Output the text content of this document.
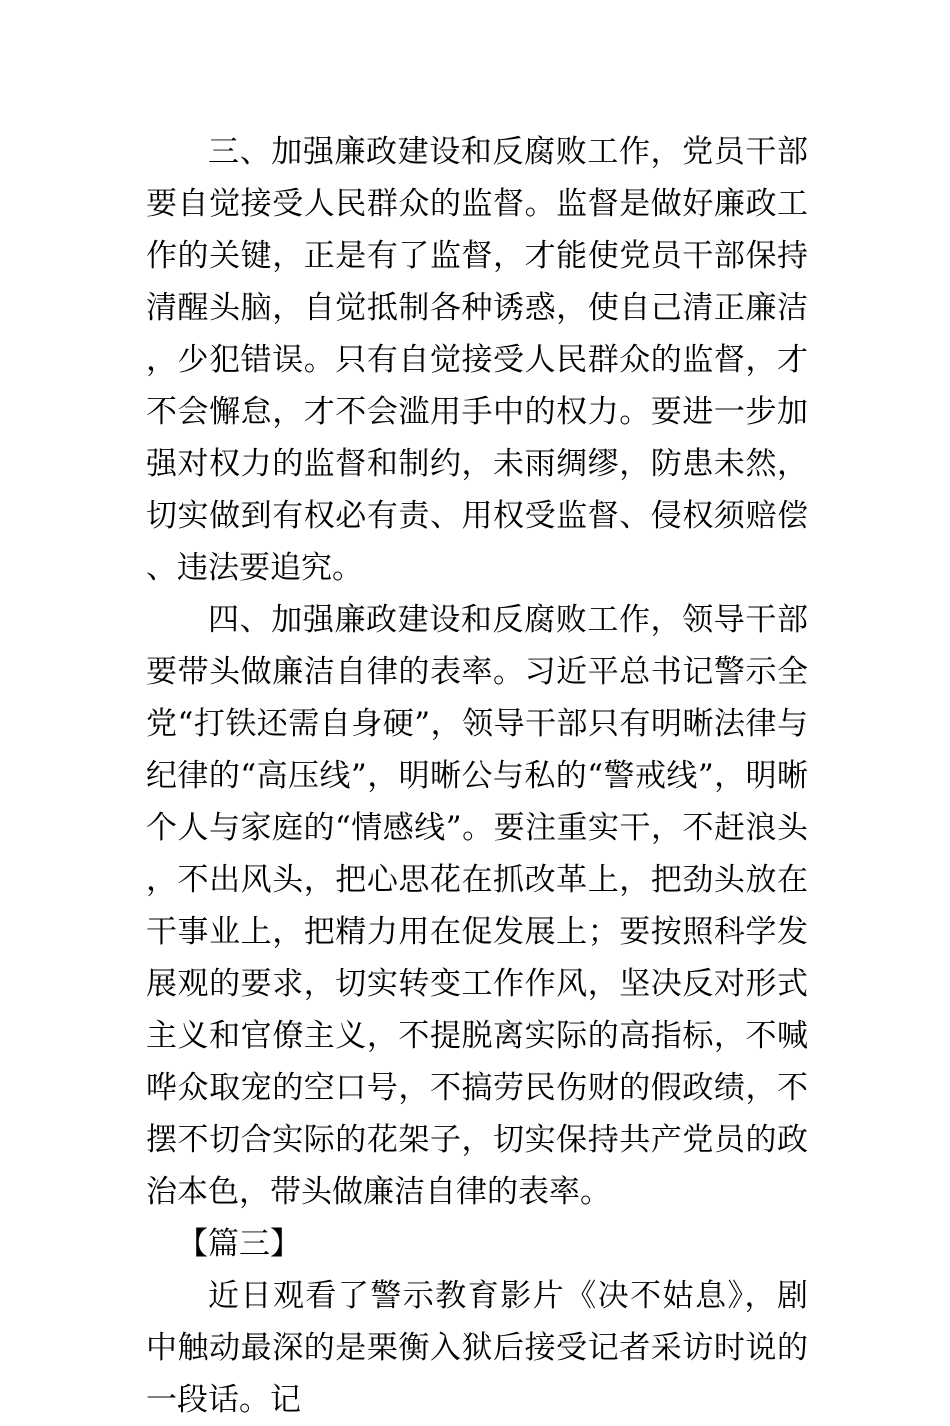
三、加强廉政建设和反腐败工作，党员干部要自觉接受人民群众的监督。监督是做好廉政工作的关键，正是有了监督，才能使党员干部保持清醒头脑，自觉抵制各种诱惑，使自己清正廉洁，少犯错误。只有自觉接受人民群众的监督，才不会懈怠，才不会滥用手中的权力。要进一步加强对权力的监督和制约，未雨绸缪，防患未然，切实做到有权必有责、用权受监督、侵权须赔偿、违法要追究。

四、加强廉政建设和反腐败工作，领导干部要带头做廉洁自律的表率。习近平总书记警示全党“打铁还需自身硬”，领导干部只有明晰法律与纪律的“高压线”，明晰公与私的“警戒线”，明晰个人与家庭的“情感线”。要注重实干，不赶浪头，不出风头，把心思花在抓改革上，把劲头放在干事业上，把精力用在促发展上；要按照科学发展观的要求，切实转变工作作风，坚决反对形式主义和官僚主义，不提脱离实际的高指标，不喊哗众取宠的空口号，不搞劳民伤财的假政绩，不摆不切合实际的花架子，切实保持共产党员的政治本色，带头做廉洁自律的表率。

【篇三】

近日观看了警示教育影片《决不姑息》，剧中触动最深的是栗衡入狱后接受记者采访时说的一段话。记
